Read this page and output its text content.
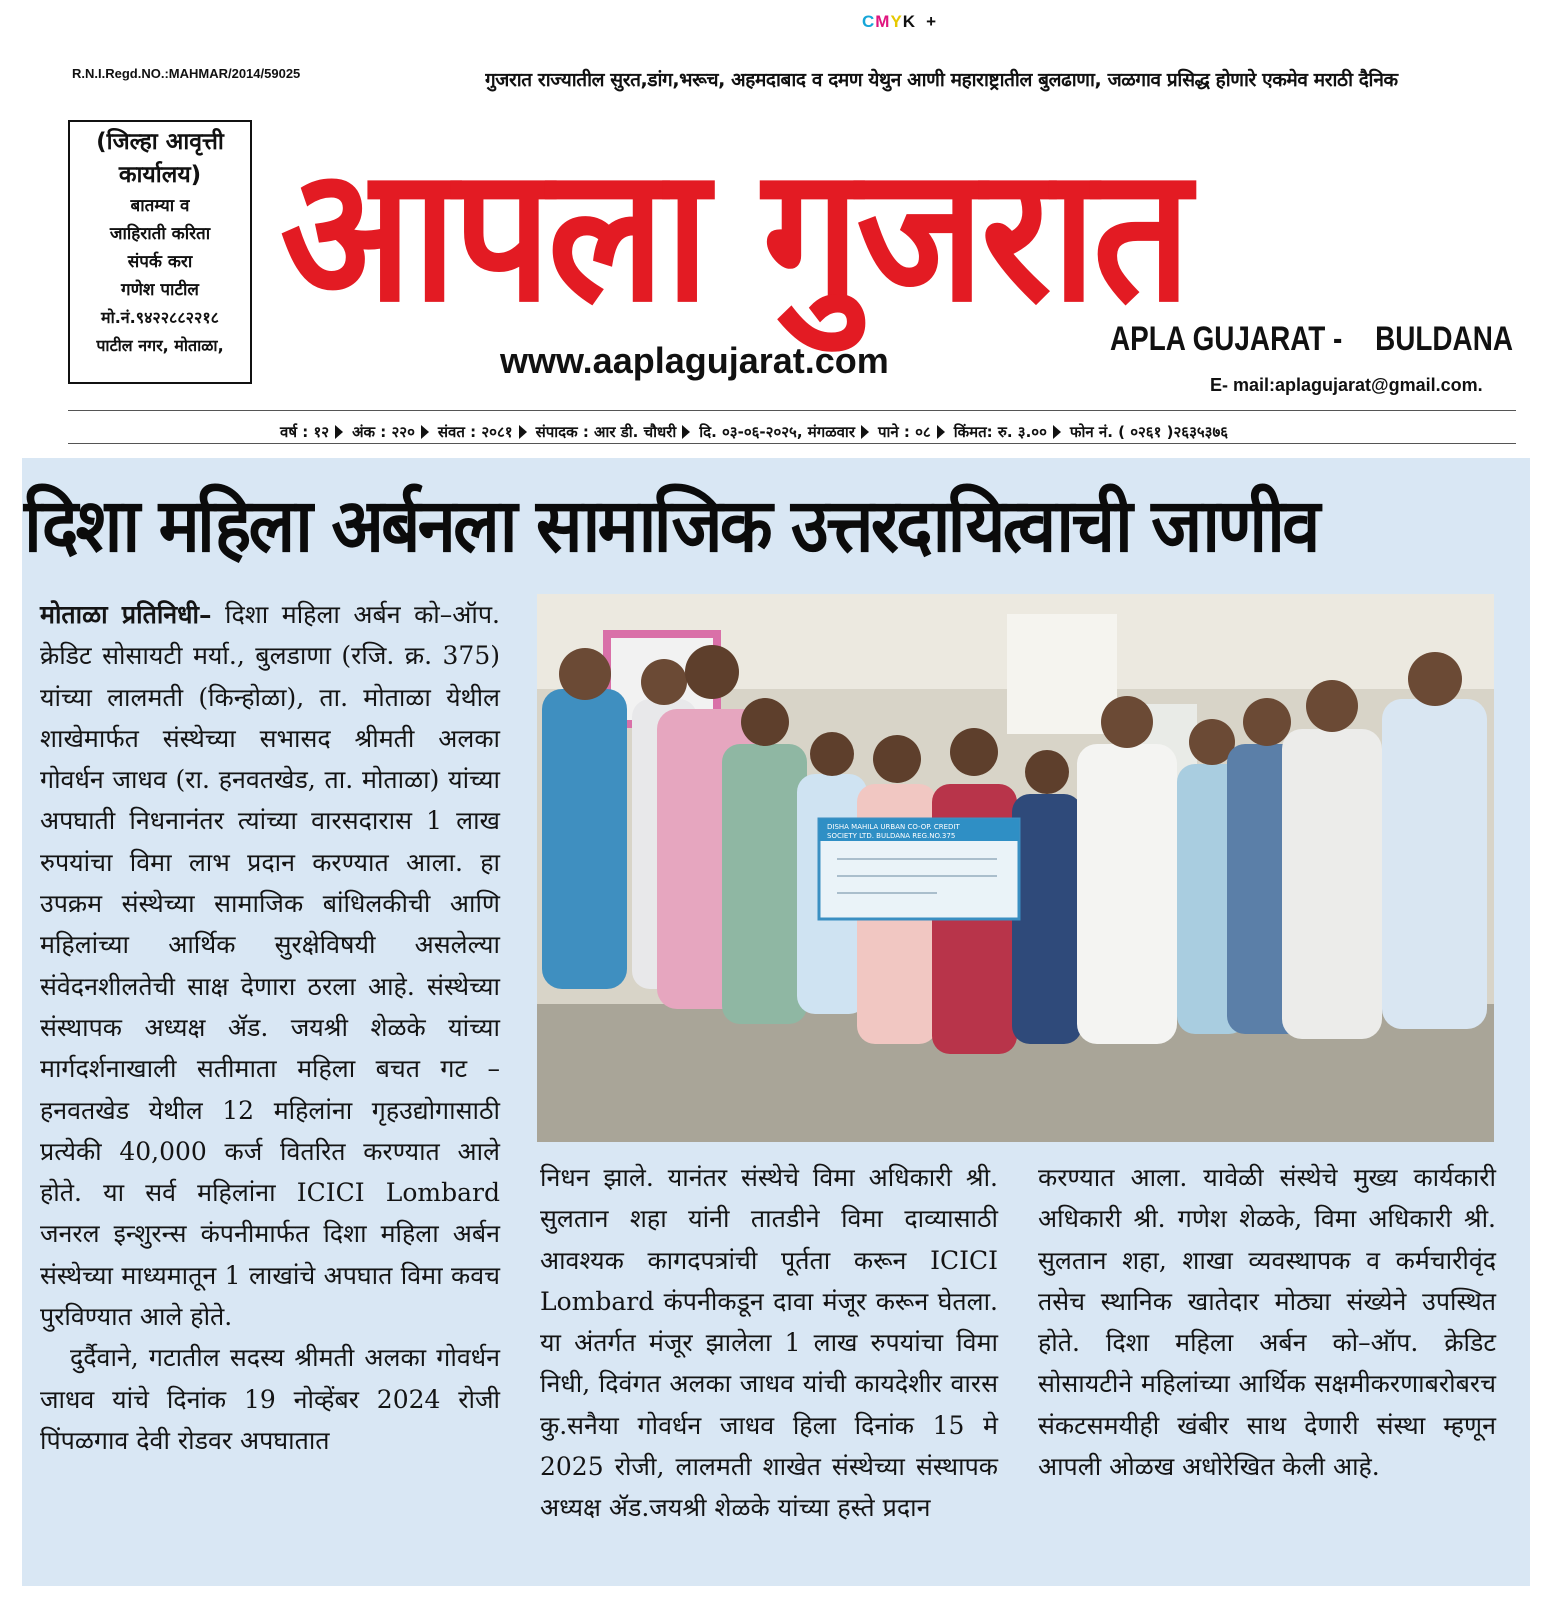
CMYK +
R.N.I.Regd.NO.:MAHMAR/2014/59025	गुजरात राज्यातील सुरत,डांग,भरूच, अहमदाबाद व दमण येथुन आणी महाराष्ट्रातील बुलढाणा, जळगाव प्रसिद्ध होणारे एकमेव मराठी दैनिक
(जिल्हा आवृत्ती
कार्यालय)
बातम्या व
जाहिराती करिता
संपर्क करा
गणेश पाटील
मो.नं.९४२२८८२२१८
पाटील नगर, मोताळा,
आपला गुजरात
www.aaplagujarat.com
APLA GUJARAT - BULDANA
E- mail:aplagujarat@gmail.com.
वर्ष : १२ अंक : २२० संवत : २०८१ संपादक : आर डी. चौधरी दि. ०३-०६-२०२५, मंगळवार पाने : ०८ किंमत: रु. ३.०० फोन नं. ( ०२६१ )२६३५३७६
दिशा महिला अर्बनला सामाजिक उत्तरदायित्वाची जाणीव

मोताळा प्रतिनिधी– दिशा महिला अर्बन को–ऑप. क्रेडिट सोसायटी मर्या., बुलडाणा (रजि. क्र. 375) यांच्या लालमती (किन्होळा), ता. मोताळा येथील शाखेमार्फत संस्थेच्या सभासद श्रीमती अलका गोवर्धन जाधव (रा. हनवतखेड, ता. मोताळा) यांच्या अपघाती निधनानंतर त्यांच्या वारसदारास 1 लाख रुपयांचा विमा लाभ प्रदान करण्यात आला. हा उपक्रम संस्थेच्या सामाजिक बांधिलकीची आणि महिलांच्या आर्थिक सुरक्षेविषयी असलेल्या संवेदनशीलतेची साक्ष देणारा ठरला आहे. संस्थेच्या संस्थापक अध्यक्ष ॲड. जयश्री शेळके यांच्या मार्गदर्शनाखाली सतीमाता महिला बचत गट – हनवतखेड येथील 12 महिलांना गृहउद्योगासाठी प्रत्येकी 40,000 कर्ज वितरित करण्यात आले होते. या सर्व महिलांना ICICI Lombard जनरल इन्शुरन्स कंपनीमार्फत दिशा महिला अर्बन संस्थेच्या माध्यमातून 1 लाखांचे अपघात विमा कवच पुरविण्यात आले होते.

दुर्दैवाने, गटातील सदस्य श्रीमती अलका गोवर्धन जाधव यांचे दिनांक 19 नोव्हेंबर 2024 रोजी पिंपळगाव देवी रोडवर अपघातात

DISHA MAHILA URBAN CO-OP. CREDIT
SOCIETY LTD. BULDANA REG.NO.375

निधन झाले. यानंतर संस्थेचे विमा अधिकारी श्री. सुलतान शहा यांनी तातडीने विमा दाव्यासाठी आवश्यक कागदपत्रांची पूर्तता करून ICICI Lombard कंपनीकडून दावा मंजूर करून घेतला. या अंतर्गत मंजूर झालेला 1 लाख रुपयांचा विमा निधी, दिवंगत अलका जाधव यांची कायदेशीर वारस कु.सनैया गोवर्धन जाधव हिला दिनांक 15 मे 2025 रोजी, लालमती शाखेत संस्थेच्या संस्थापक अध्यक्ष ॲड.जयश्री शेळके यांच्या हस्ते प्रदान

करण्यात आला. यावेळी संस्थेचे मुख्य कार्यकारी अधिकारी श्री. गणेश शेळके, विमा अधिकारी श्री. सुलतान शहा, शाखा व्यवस्थापक व कर्मचारीवृंद तसेच स्थानिक खातेदार मोठ्या संख्येने उपस्थित होते. दिशा महिला अर्बन को–ऑप. क्रेडिट सोसायटीने महिलांच्या आर्थिक सक्षमीकरणाबरोबरच संकटसमयीही खंबीर साथ देणारी संस्था म्हणून आपली ओळख अधोरेखित केली आहे.
